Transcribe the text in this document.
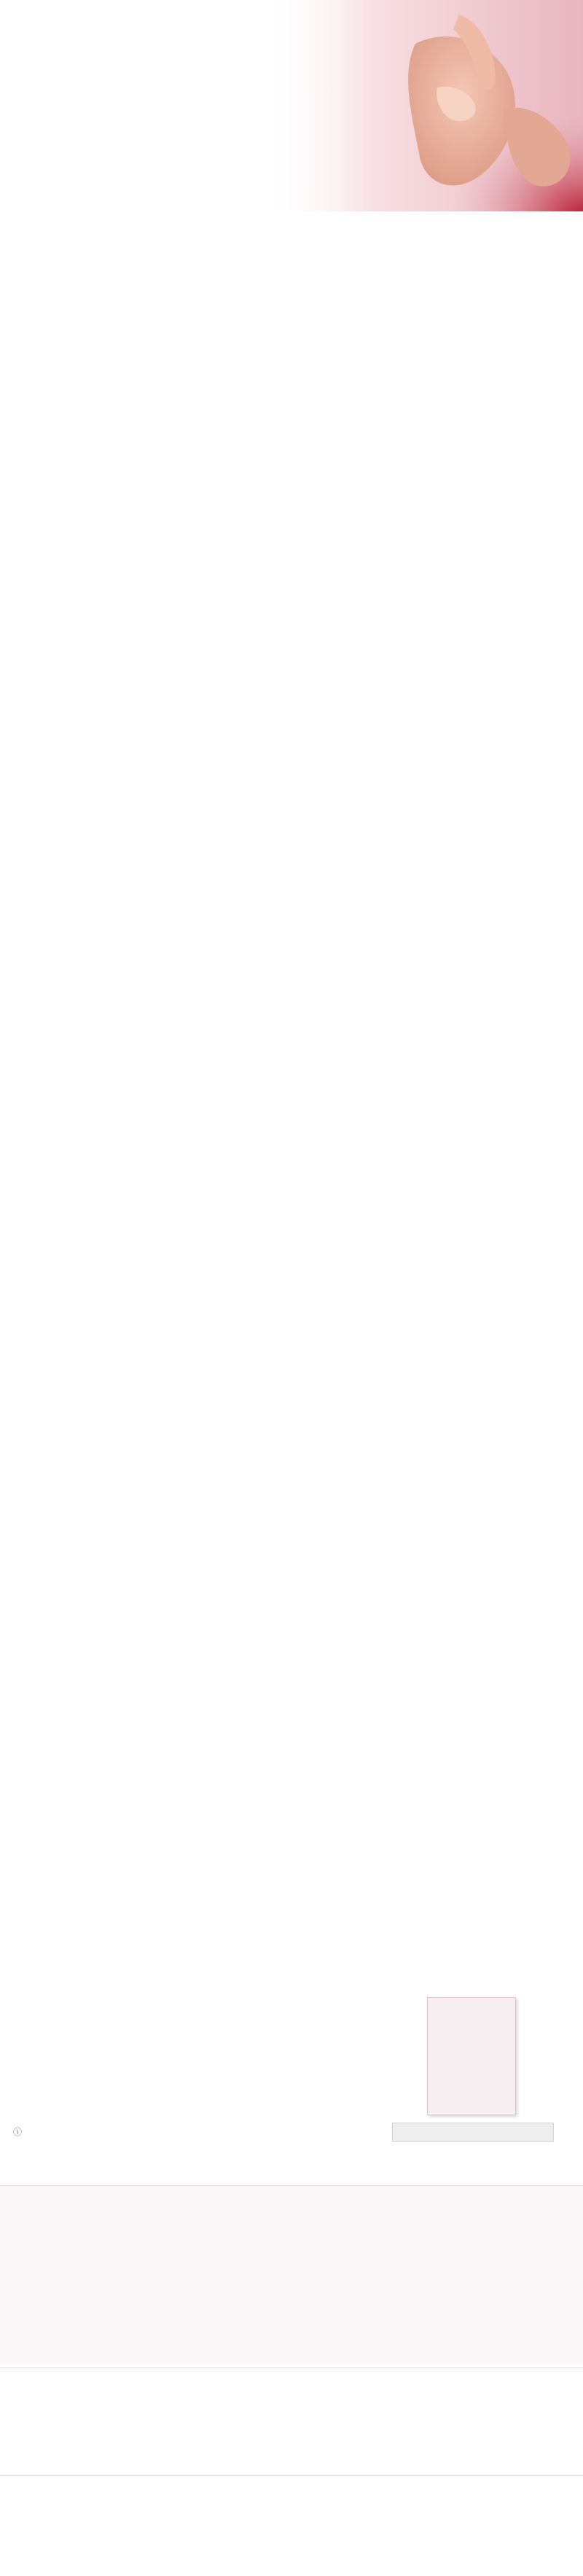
ⓘ
